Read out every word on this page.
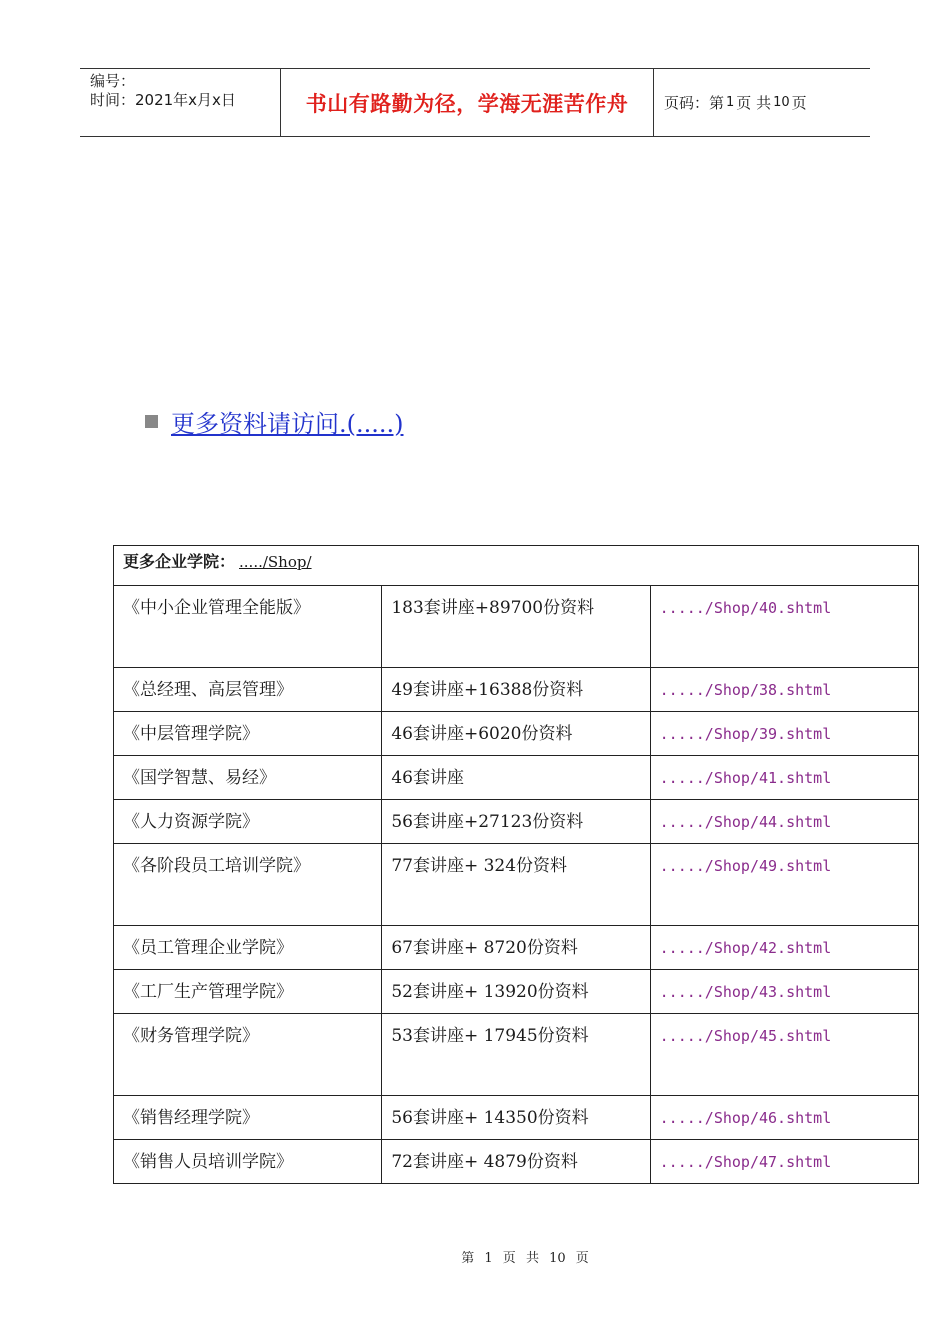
编号：
时间：2021年x月x日	书山有路勤为径，学海无涯苦作舟	页码：第 1 页 共 10 页
更多资料请访问.(.....)
更多企业学院： ...../Shop/		
《中小企业管理全能版》	183套讲座+89700份资料	...../Shop/40.shtml
《总经理、高层管理》	49套讲座+16388份资料	...../Shop/38.shtml
《中层管理学院》	46套讲座+6020份资料	...../Shop/39.shtml
《国学智慧、易经》	46套讲座	...../Shop/41.shtml
《人力资源学院》	56套讲座+27123份资料	...../Shop/44.shtml
《各阶段员工培训学院》	77套讲座+ 324份资料	...../Shop/49.shtml
《员工管理企业学院》	67套讲座+ 8720份资料	...../Shop/42.shtml
《工厂生产管理学院》	52套讲座+ 13920份资料	...../Shop/43.shtml
《财务管理学院》	53套讲座+ 17945份资料	...../Shop/45.shtml
《销售经理学院》	56套讲座+ 14350份资料	...../Shop/46.shtml
《销售人员培训学院》	72套讲座+ 4879份资料	...../Shop/47.shtml
第 1 页 共 10 页
